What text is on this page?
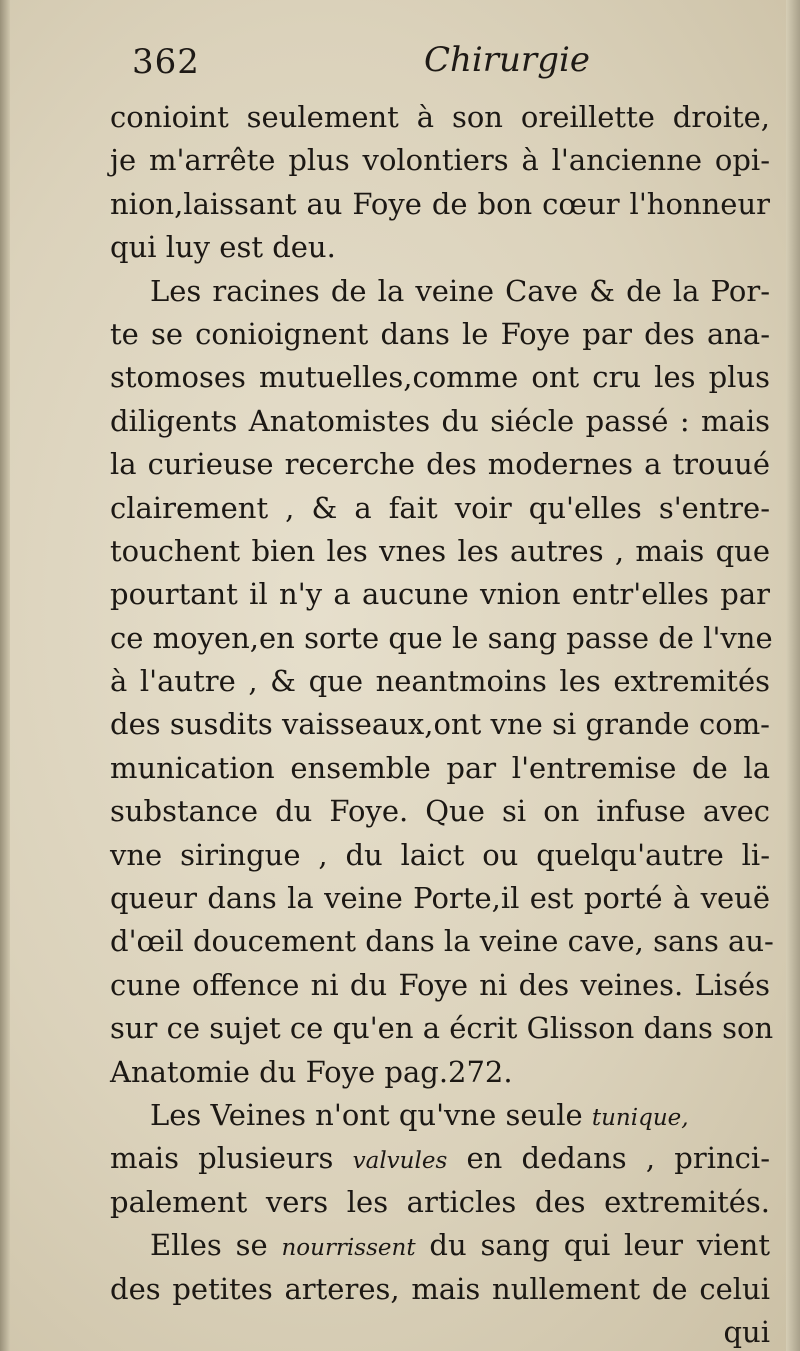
362	Chirurgie
conioint seulement à son oreillette droite,
je m'arrête plus volontiers à l'ancienne opi-
nion,laissant au Foye de bon cœur l'honneur
qui luy est deu.
Les racines de la veine Cave & de la Por-
te se conioignent dans le Foye par des ana-
stomoses mutuelles,comme ont cru les plus
diligents Anatomistes du siécle passé : mais
la curieuse recerche des modernes a trouué
clairement , & a fait voir qu'elles s'entre-
touchent bien les vnes les autres , mais que
pourtant il n'y a aucune vnion entr'elles par
ce moyen,en sorte que le sang passe de l'vne
à l'autre , & que neantmoins les extremités
des susdits vaisseaux,ont vne si grande com-
munication ensemble par l'entremise de la
substance du Foye. Que si on infuse avec
vne siringue , du laict ou quelqu'autre li-
queur dans la veine Porte,il est porté à veuë
d'œil doucement dans la veine cave, sans au-
cune offence ni du Foye ni des veines. Lisés
sur ce sujet ce qu'en a écrit Glisson dans son
Anatomie du Foye pag.272.
Les Veines n'ont qu'vne seule tunique,
mais plusieurs valvules en dedans , princi-
palement vers les articles des extremités.
Elles se nourrissent du sang qui leur vient
des petites arteres, mais nullement de celui
qui
